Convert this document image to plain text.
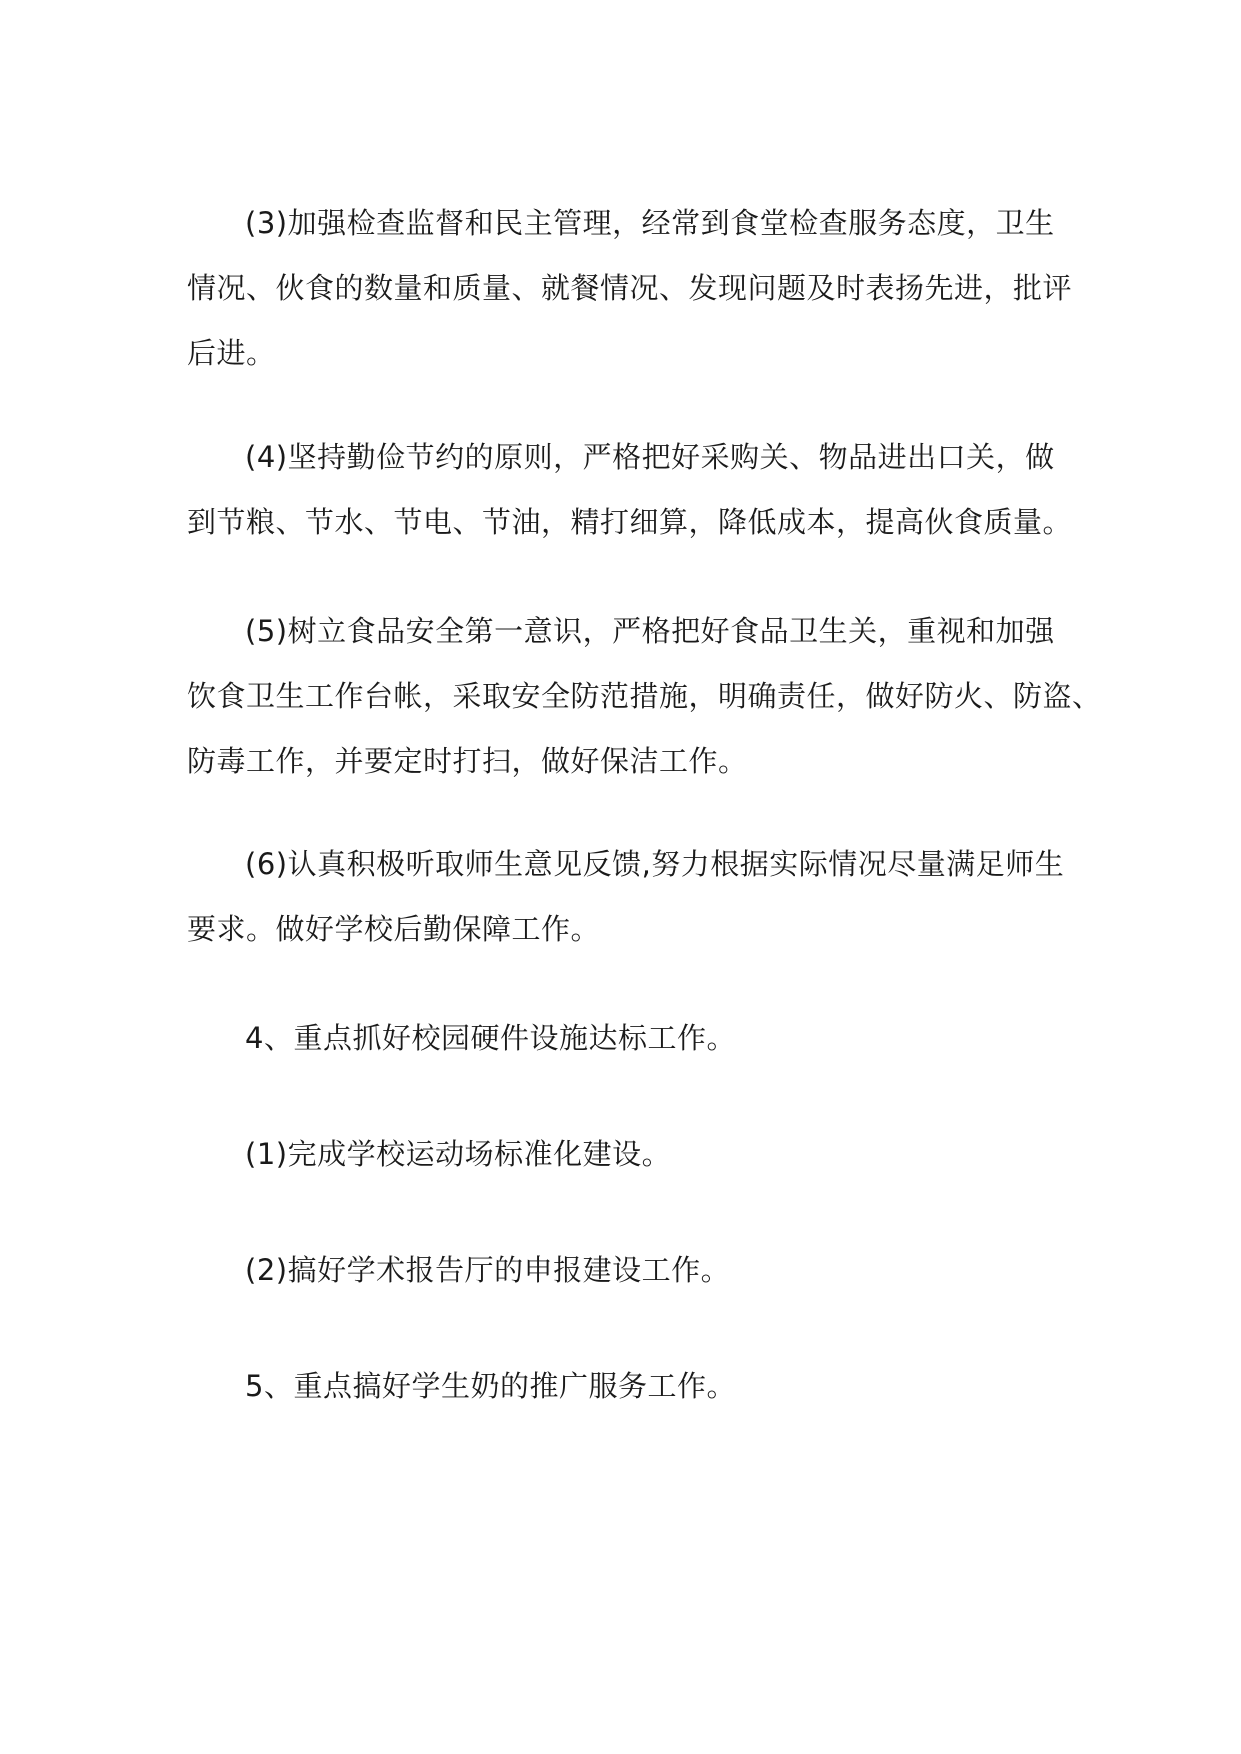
(3)加强检查监督和民主管理，经常到食堂检查服务态度，卫生
情况、伙食的数量和质量、就餐情况、发现问题及时表扬先进，批评
后进。
(4)坚持勤俭节约的原则，严格把好采购关、物品进出口关，做
到节粮、节水、节电、节油，精打细算，降低成本，提高伙食质量。
(5)树立食品安全第一意识，严格把好食品卫生关，重视和加强
饮食卫生工作台帐，采取安全防范措施，明确责任，做好防火、防盗、
防毒工作，并要定时打扫，做好保洁工作。
(6)认真积极听取师生意见反馈,努力根据实际情况尽量满足师生
要求。做好学校后勤保障工作。
4、重点抓好校园硬件设施达标工作。
(1)完成学校运动场标准化建设。
(2)搞好学术报告厅的申报建设工作。
5、重点搞好学生奶的推广服务工作。
